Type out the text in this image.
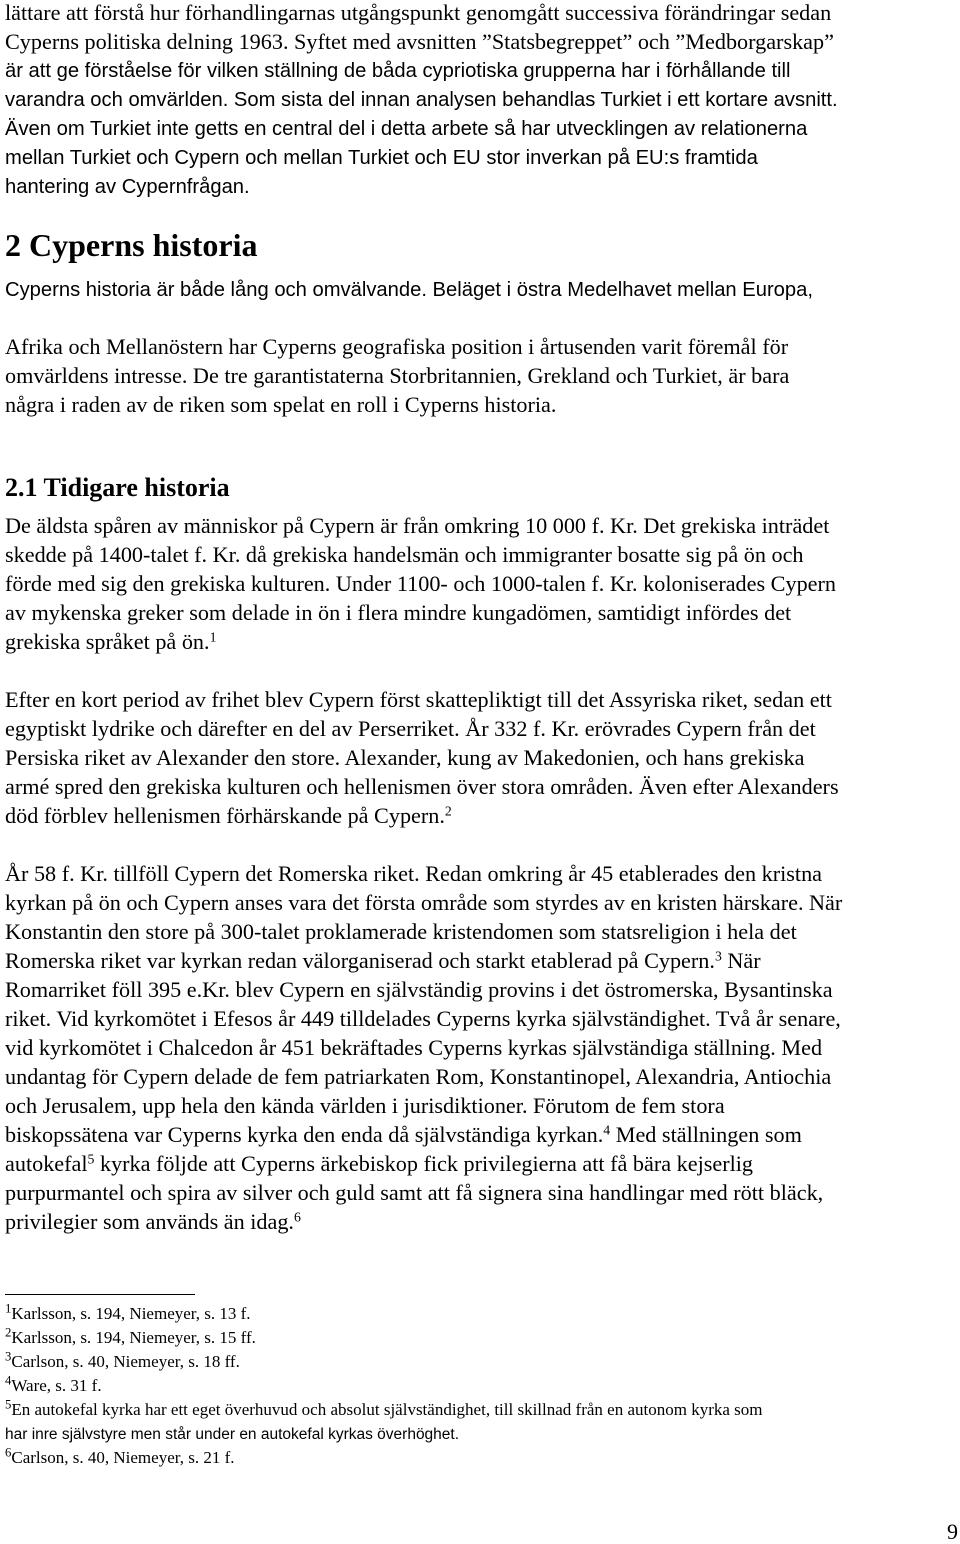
lättare att förstå hur förhandlingarnas utgångspunkt genomgått successiva förändringar sedan
Cyperns politiska delning 1963. Syftet med avsnitten ”Statsbegreppet” och ”Medborgarskap”
är att ge förståelse för vilken ställning de båda cypriotiska grupperna har i förhållande till
varandra och omvärlden. Som sista del innan analysen behandlas Turkiet i ett kortare avsnitt.
Även om Turkiet inte getts en central del i detta arbete så har utvecklingen av relationerna
mellan Turkiet och Cypern och mellan Turkiet och EU stor inverkan på EU:s framtida
hantering av Cypernfrågan.
2 Cyperns historia
Cyperns historia är både lång och omvälvande. Beläget i östra Medelhavet mellan Europa,
Afrika och Mellanöstern har Cyperns geografiska position i årtusenden varit föremål för
omvärldens intresse. De tre garantistaterna Storbritannien, Grekland och Turkiet, är bara
några i raden av de riken som spelat en roll i Cyperns historia.
2.1 Tidigare historia
De äldsta spåren av människor på Cypern är från omkring 10 000 f. Kr. Det grekiska inträdet
skedde på 1400-talet f. Kr. då grekiska handelsmän och immigranter bosatte sig på ön och
förde med sig den grekiska kulturen. Under 1100- och 1000-talen f. Kr. koloniserades Cypern
av mykenska greker som delade in ön i flera mindre kungadömen, samtidigt infördes det
grekiska språket på ön.$^1$
Efter en kort period av frihet blev Cypern först skattepliktigt till det Assyriska riket, sedan ett
egyptiskt lydrike och därefter en del av Perserriket. År 332 f. Kr. erövrades Cypern från det
Persiska riket av Alexander den store. Alexander, kung av Makedonien, och hans grekiska
armé spred den grekiska kulturen och hellenismen över stora områden. Även efter Alexanders
död förblev hellenismen förhärskande på Cypern.$^2$
År 58 f. Kr. tillföll Cypern det Romerska riket. Redan omkring år 45 etablerades den kristna
kyrkan på ön och Cypern anses vara det första område som styrdes av en kristen härskare. När
Konstantin den store på 300-talet proklamerade kristendomen som statsreligion i hela det
Romerska riket var kyrkan redan välorganiserad och starkt etablerad på Cypern.$^3$ När
Romarriket föll 395 e.Kr. blev Cypern en självständig provins i det östromerska, Bysantinska
riket. Vid kyrkomötet i Efesos år 449 tilldelades Cyperns kyrka självständighet. Två år senare,
vid kyrkomötet i Chalcedon år 451 bekräftades Cyperns kyrkas självständiga ställning. Med
undantag för Cypern delade de fem patriarkaten Rom, Konstantinopel, Alexandria, Antiochia
och Jerusalem, upp hela den kända världen i jurisdiktioner. Förutom de fem stora
biskopssätena var Cyperns kyrka den enda då självständiga kyrkan.$^4$ Med ställningen som
autokefal$^5$ kyrka följde att Cyperns ärkebiskop fick privilegierna att få bära kejserlig
purpurmantel och spira av silver och guld samt att få signera sina handlingar med rött bläck,
privilegier som används än idag.$^6$
$^1$Karlsson, s. 194, Niemeyer, s. 13 f.
$^2$Karlsson, s. 194, Niemeyer, s. 15 ff.
$^3$Carlson, s. 40, Niemeyer, s. 18 ff.
$^4$Ware, s. 31 f.
$^5$En autokefal kyrka har ett eget överhuvud och absolut självständighet, till skillnad från en autonom kyrka som
har inre självstyre men står under en autokefal kyrkas överhöghet.
$^6$Carlson, s. 40, Niemeyer, s. 21 f.
9
